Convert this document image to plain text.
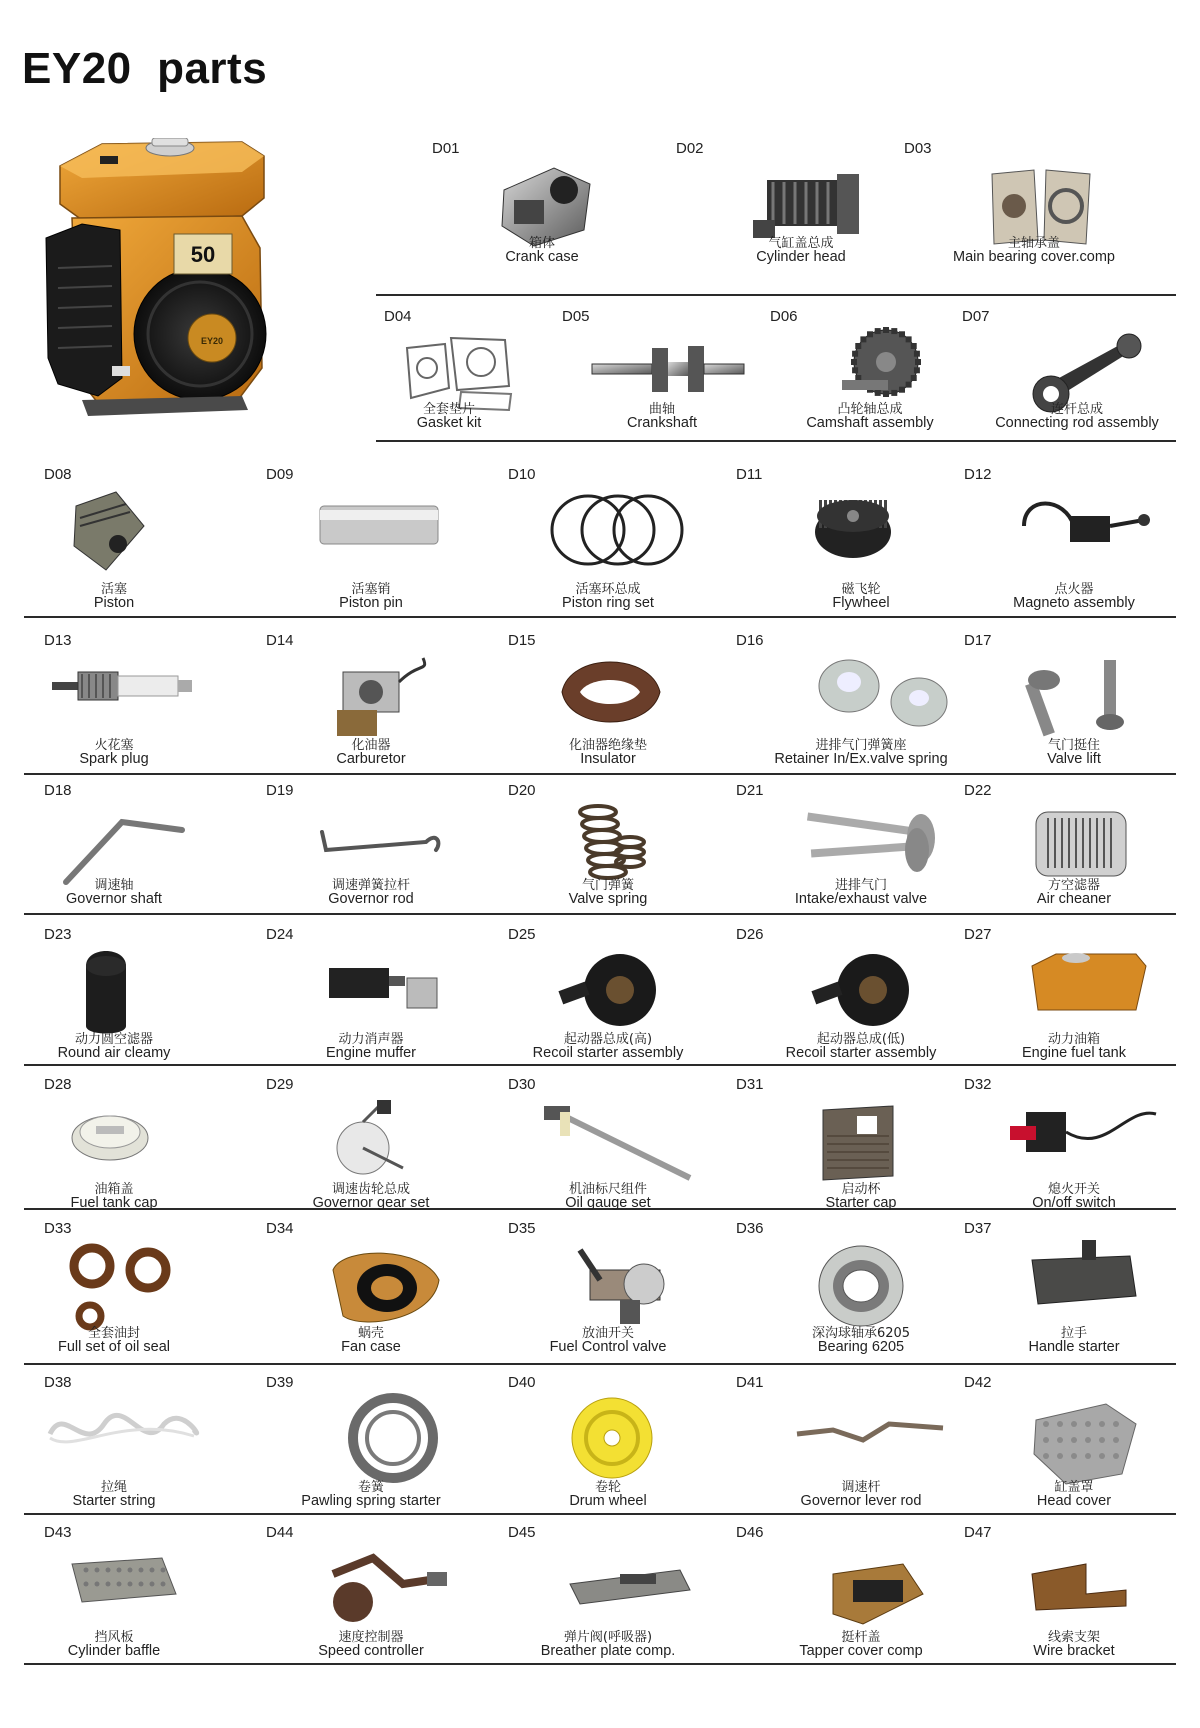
EY20  parts
50
EY20
D01
箱体
Crank case
D02
气缸盖总成
Cylinder head
D03
主轴承盖
Main bearing cover.comp
D04
全套垫片
Gasket kit
D05
曲轴
Crankshaft
D06
凸轮轴总成
Camshaft assembly
D07
连杆总成
Connecting rod assembly
D08
活塞
Piston
D09
活塞销
Piston pin
D10
活塞环总成
Piston ring set
D11
磁飞轮
Flywheel
D12
点火器
Magneto assembly
D13
火花塞
Spark plug
D14
化油器
Carburetor
D15
化油器绝缘垫
Insulator
D16
进排气门弹簧座
Retainer In/Ex.valve spring
D17
气门挺住
Valve lift
D18
调速轴
Governor shaft
D19
调速弹簧拉杆
Governor rod
D20
气门弹簧
Valve spring
D21
进排气门
Intake/exhaust valve
D22
方空滤器
Air cheaner
D23
动力圆空滤器
Round air cleamy
D24
动力消声器
Engine muffer
D25
起动器总成(高)
Recoil starter assembly
D26
起动器总成(低)
Recoil starter assembly
D27
动力油箱
Engine fuel tank
D28
油箱盖
Fuel tank cap
D29
调速齿轮总成
Governor gear set
D30
机油标尺组件
Oil gauge set
D31
启动杯
Starter cap
D32
熄火开关
On/off switch
D33
全套油封
Full set of oil seal
D34
蜗壳
Fan case
D35
放油开关
Fuel Control valve
D36
深沟球轴承6205
Bearing 6205
D37
拉手
Handle starter
D38
拉绳
Starter string
D39
卷簧
Pawling spring starter
D40
卷轮
Drum wheel
D41
调速杆
Governor lever rod
D42
缸盖罩
Head cover
D43
挡风板
Cylinder baffle
D44
速度控制器
Speed controller
D45
弹片阀(呼吸器)
Breather plate comp.
D46
挺杆盖
Tapper cover comp
D47
线索支架
Wire bracket
